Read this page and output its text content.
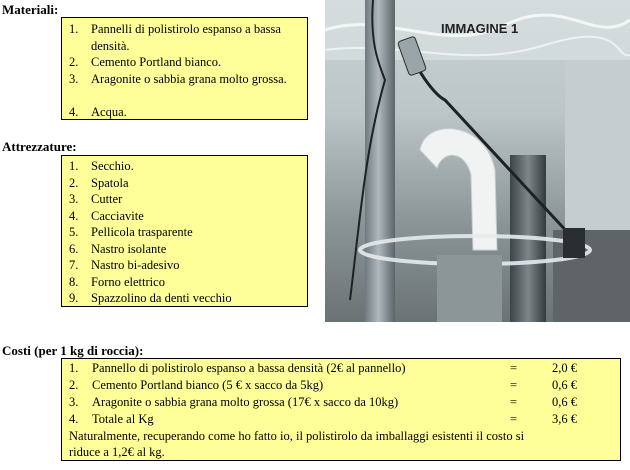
Materiali:
1. Pannelli di polistirolo espanso a bassa densità.
2. Cemento Portland bianco.
3. Aragonite o sabbia grana molto grossa.
4. Acqua.
Attrezzature:
1. Secchio.
2. Spatola
3. Cutter
4. Cacciavite
5. Pellicola trasparente
6. Nastro isolante
7. Nastro bi-adesivo
8. Forno elettrico
9. Spazzolino da denti vecchio
IMMAGINE 1
Costi (per 1 kg di roccia):
1. Pannello di polistirolo espanso a bassa densità (2€ al pannello)	=	2,0 €
2. Cemento Portland bianco (5 € x sacco da 5kg)	=	0,6 €
3. Aragonite o sabbia grana molto grossa (17€ x sacco da 10kg)	=	0,6 €
4. Totale al Kg	=	3,6 €
Naturalmente, recuperando come ho fatto io, il polistirolo da imballaggi esistenti il costo si
riduce a 1,2€ al kg.
